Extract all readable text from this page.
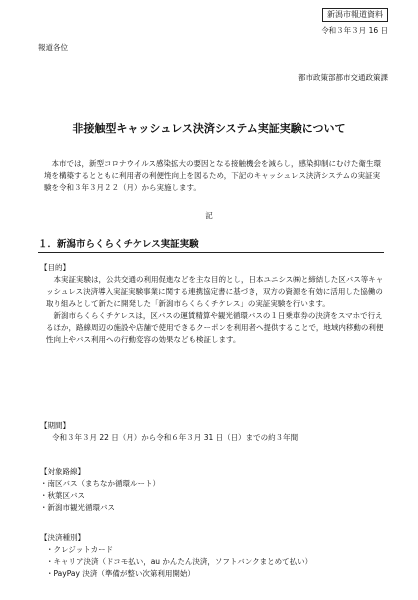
新潟市報道資料
令和３年３月 16 日
報道各位
都市政策部都市交通政策課
非接触型キャッシュレス決済システム実証実験について

本市では，新型コロナウイルス感染拡大の要因となる接触機会を減らし，感染抑制にむけた衛生環境を構築するとともに利用者の利便性向上を図るため，下記のキャッシュレス決済システムの実証実験を令和３年３月２２（月）から実施します。

記
１．新潟市らくらくチケレス実証実験
【目的】

本実証実験は，公共交通の利用促進などを主な目的とし，日本ユニシス㈱と締結した区バス等キャッシュレス決済導入実証実験事業に関する連携協定書に基づき，双方の資源を有効に活用した協働の取り組みとして新たに開発した「新潟市らくらくチケレス」の実証実験を行います。

新潟市らくらくチケレスは，区バスの運賃精算や観光循環バスの１日乗車券の決済をスマホで行えるほか，路線周辺の施設や店舗で使用できるクーポンを利用者へ提供することで，地域内移動の利便性向上やバス利用への行動変容の効果なども検証します。

【期間】
令和３年３月 22 日（月）から令和６年３月 31 日（日）までの約３年間
【対象路線】
・南区バス（まちなか循環ルート）
・秋葉区バス
・新潟市観光循環バス
【決済種別】
・クレジットカード
・キャリア決済（ドコモ払い，au かんたん決済，ソフトバンクまとめて払い）
・PayPay 決済（準備が整い次第利用開始）
